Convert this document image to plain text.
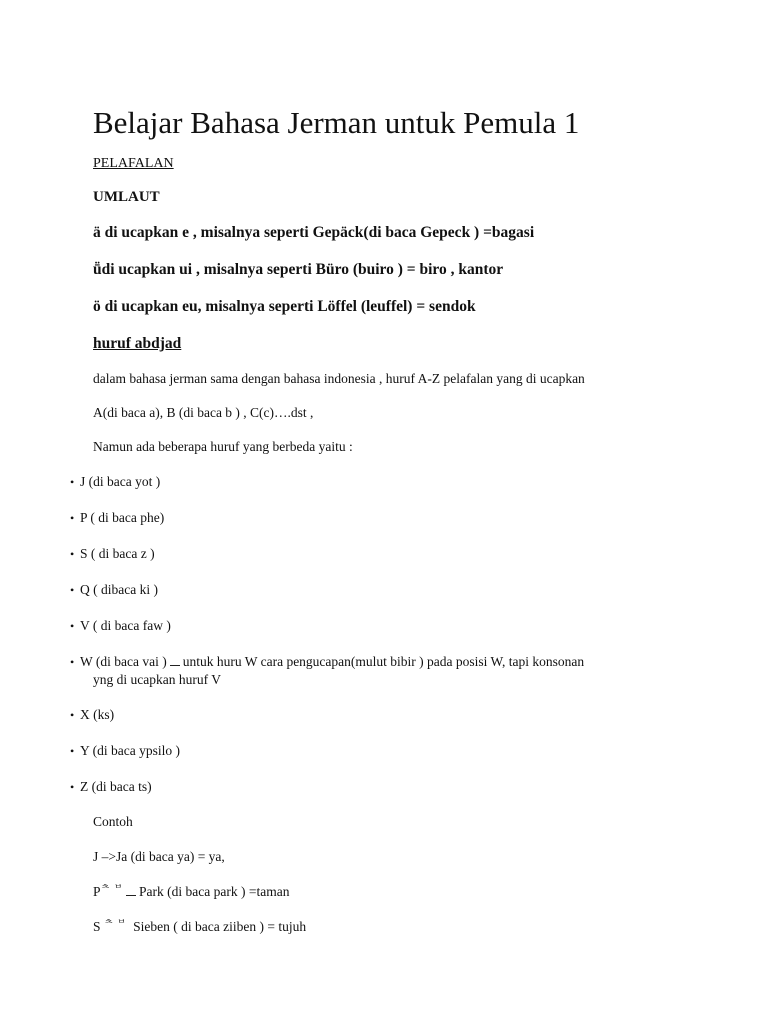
Belajar Bahasa Jerman untuk Pemula 1
PELAFALAN
UMLAUT
ä di ucapkan e , misalnya seperti Gepäck(di baca Gepeck ) =bagasi
ṻdi ucapkan ui , misalnya seperti Büro (buiro ) = biro , kantor
ö di ucapkan eu, misalnya seperti Löffel (leuffel) = sendok
huruf abdjad
dalam bahasa jerman sama dengan bahasa indonesia , huruf A-Z pelafalan yang di ucapkan
A(di baca a), B (di baca b ) , C(c)….dst ,
Namun ada beberapa huruf yang berbeda yaitu :
• J (di baca yot )
• P ( di baca phe)
• S ( di baca z )
• Q ( dibaca ki )
• V ( di baca faw )
• W (di baca vai ) untuk huru W cara pengucapan(mulut bibir ) pada posisi W, tapi konsonan
yng di ucapkan huruf V
• X (ks)
• Y (di baca ypsilo )
• Z (di baca ts)
Contoh
J –>Ja (di baca ya) = ya,
$P^{ᄎ ᄇ}$ Park (di baca park ) =taman
S $^{ᄎ ᄇ}$ Sieben ( di baca ziiben ) = tujuh
